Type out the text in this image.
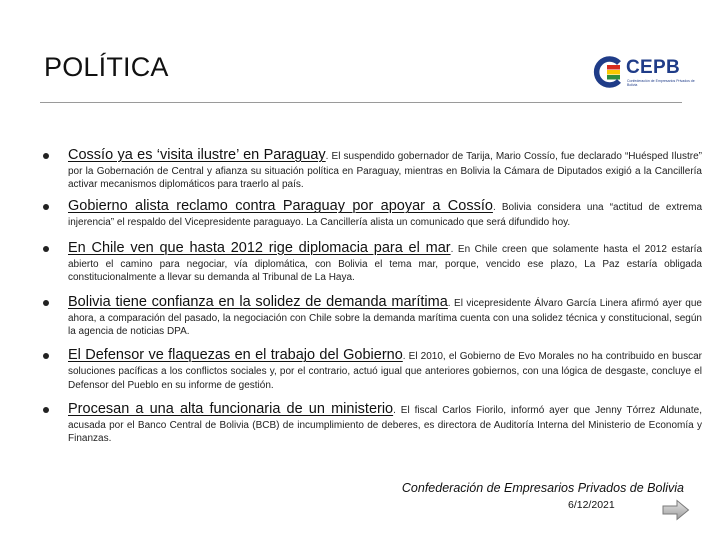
POLÍTICA	CEPB
Confederación de Empresarios Privados de Bolivia

Cossío ya es ‘visita ilustre’ en Paraguay. El suspendido gobernador de Tarija, Mario Cossío, fue declarado “Huésped Ilustre” por la Gobernación de Central y afianza su situación política en Paraguay, mientras en Bolivia la Cámara de Diputados exigió a la Cancillería activar mecanismos diplomáticos para traerlo al país.

Gobierno alista reclamo contra Paraguay por apoyar a Cossío. Bolivia considera una “actitud de extrema injerencia” el respaldo del Vicepresidente paraguayo. La Cancillería alista un comunicado que será difundido hoy.

En Chile ven que hasta 2012 rige diplomacia para el mar. En Chile creen que solamente hasta el 2012 estaría abierto el camino para negociar, vía diplomática, con Bolivia el tema mar, porque, vencido ese plazo, La Paz estaría obligada constitucionalmente a llevar su demanda al Tribunal de La Haya.

Bolivia tiene confianza en la solidez de demanda marítima. El vicepresidente Álvaro García Linera afirmó ayer que ahora, a comparación del pasado, la negociación con Chile sobre la demanda marítima cuenta con una solidez técnica y constitucional, según la agencia de noticias DPA.

El Defensor ve flaquezas en el trabajo del Gobierno. El 2010, el Gobierno de Evo Morales no ha contribuido en buscar soluciones pacíficas a los conflictos sociales y, por el contrario, actuó igual que anteriores gobiernos, con una lógica de desgaste, concluye el Defensor del Pueblo en su informe de gestión.

Procesan a una alta funcionaria de un ministerio. El fiscal Carlos Fiorilo, informó ayer que Jenny Tórrez Aldunate, acusada por el Banco Central de Bolivia (BCB) de incumplimiento de deberes, es directora de Auditoría Interna del Ministerio de Economía y Finanzas.

Confederación de Empresarios Privados de Bolivia
6/12/2021
